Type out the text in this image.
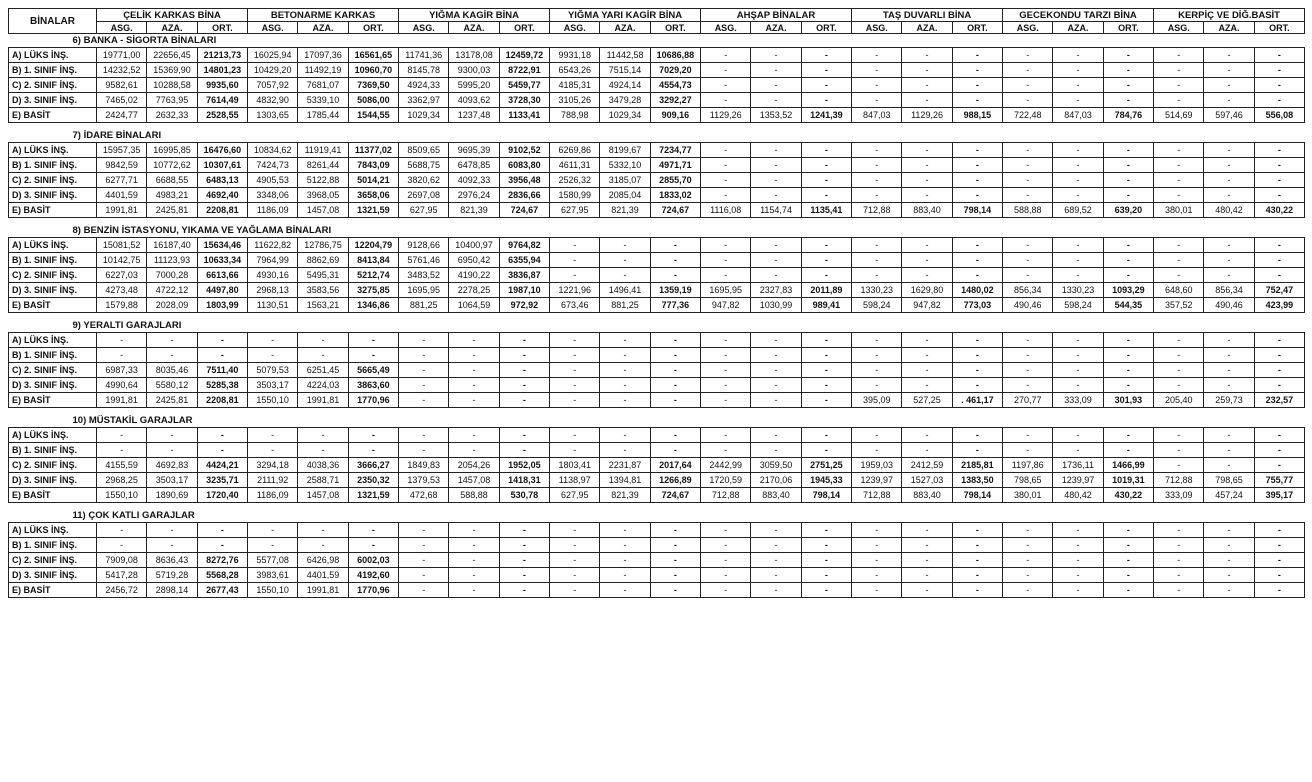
BİNALAR	ÇELİK KARKAS BİNA			BETONARME KARKAS			YIĞMA KAGİR BİNA			YIĞMA YARI KAGİR BİNA			AHŞAP BİNALAR			TAŞ DUVARLI BİNA			GECEKONDU TARZI BİNA			KERPİÇ VE DİĞ.BASİT		
	ASG.	AZA.	ORT.	ASG.	AZA.	ORT.	ASG.	AZA.	ORT.	ASG.	AZA.	ORT.	ASG.	AZA.	ORT.	ASG.	AZA.	ORT.	ASG.	AZA.	ORT.	ASG.	AZA.	ORT.
6) BANKA - SİGORTA BİNALARI																								
A) LÜKS İNŞ.	19771,00	22656,45	21213,73	16025,94	17097,36	16561,65	11741,36	13178,08	12459,72	9931,18	11442,58	10686,88	-	-	-	-	-	-	-	-	-	-	-	-
B) 1. SINIF İNŞ.	14232,52	15369,90	14801,23	10429,20	11492,19	10960,70	8145,78	9300,03	8722,91	6543,26	7515,14	7029,20	-	-	-	-	-	-	-	-	-	-	-	-
C) 2. SINIF İNŞ.	9582,61	10288,58	9935,60	7057,92	7681,07	7369,50	4924,33	5995,20	5459,77	4185,31	4924,14	4554,73	-	-	-	-	-	-	-	-	-	-	-	-
D) 3. SINIF İNŞ.	7465,02	7763,95	7614,49	4832,90	5339,10	5086,00	3362,97	4093,62	3728,30	3105,26	3479,28	3292,27	-	-	-	-	-	-	-	-	-	-	-	-
E) BASİT	2424,77	2632,33	2528,55	1303,65	1785,44	1544,55	1029,34	1237,48	1133,41	788,98	1029,34	909,16	1129,26	1353,52	1241,39	847,03	1129,26	988,15	722,48	847,03	784,76	514,69	597,46	556,08

7) İDARE BİNALARI																								
A) LÜKS İNŞ.	15957,35	16995,85	16476,60	10834,62	11919,41	11377,02	8509,65	9695,39	9102,52	6269,86	8199,67	7234,77	-	-	-	-	-	-	-	-	-	-	-	-
B) 1. SINIF İNŞ.	9842,59	10772,62	10307,61	7424,73	8261,44	7843,09	5688,75	6478,85	6083,80	4611,31	5332,10	4971,71	-	-	-	-	-	-	-	-	-	-	-	-
C) 2. SINIF İNŞ.	6277,71	6688,55	6483,13	4905,53	5122,88	5014,21	3820,62	4092,33	3956,48	2526,32	3185,07	2855,70	-	-	-	-	-	-	-	-	-	-	-	-
D) 3. SINIF İNŞ.	4401,59	4983,21	4692,40	3348,06	3968,05	3658,06	2697,08	2976,24	2836,66	1580,99	2085,04	1833,02	-	-	-	-	-	-	-	-	-	-	-	-
E) BASİT	1991,81	2425,81	2208,81	1186,09	1457,08	1321,59	627,95	821,39	724,67	627,95	821,39	724,67	1116,08	1154,74	1135,41	712,88	883,40	798,14	588,88	689,52	639,20	380,01	480,42	430,22

8) BENZİN İSTASYONU, YIKAMA VE YAĞLAMA BİNALARI																								
A) LÜKS İNŞ.	15081,52	16187,40	15634,46	11622,82	12786,75	12204,79	9128,66	10400,97	9764,82	-	-	-	-	-	-	-	-	-	-	-	-	-	-	-
B) 1. SINIF İNŞ.	10142,75	11123,93	10633,34	7964,99	8862,69	8413,84	5761,46	6950,42	6355,94	-	-	-	-	-	-	-	-	-	-	-	-	-	-	-
C) 2. SINIF İNŞ.	6227,03	7000,28	6613,66	4930,16	5495,31	5212,74	3483,52	4190,22	3836,87	-	-	-	-	-	-	-	-	-	-	-	-	-	-	-
D) 3. SINIF İNŞ.	4273,48	4722,12	4497,80	2968,13	3583,56	3275,85	1695,95	2278,25	1987,10	1221,96	1496,41	1359,19	1695,95	2327,83	2011,89	1330,23	1629,80	1480,02	856,34	1330,23	1093,29	648,60	856,34	752,47
E) BASİT	1579,88	2028,09	1803,99	1130,51	1563,21	1346,86	881,25	1064,59	972,92	673,46	881,25	777,36	947,82	1030,99	989,41	598,24	947,82	773,03	490,46	598,24	544,35	357,52	490,46	423,99

9) YERALTI GARAJLARI																								
A) LÜKS İNŞ.	-	-	-	-	-	-	-	-	-	-	-	-	-	-	-	-	-	-	-	-	-	-	-	-
B) 1. SINIF İNŞ.	-	-	-	-	-	-	-	-	-	-	-	-	-	-	-	-	-	-	-	-	-	-	-	-
C) 2. SINIF İNŞ.	6987,33	8035,46	7511,40	5079,53	6251,45	5665,49	-	-	-	-	-	-	-	-	-	-	-	-	-	-	-	-	-	-
D) 3. SINIF İNŞ.	4990,64	5580,12	5285,38	3503,17	4224,03	3863,60	-	-	-	-	-	-	-	-	-	-	-	-	-	-	-	-	-	-
E) BASİT	1991,81	2425,81	2208,81	1550,10	1991,81	1770,96	-	-	-	-	-	-	-	-	-	395,09	527,25	. 461,17	270,77	333,09	301,93	205,40	259,73	232,57

10) MÜSTAKİL GARAJLAR																								
A) LÜKS İNŞ.	-	-	-	-	-	-	-	-	-	-	-	-	-	-	-	-	-	-	-	-	-	-	-	-
B) 1. SINIF İNŞ.	-	-	-	-	-	-	-	-	-	-	-	-	-	-	-	-	-	-	-	-	-	-	-	-
C) 2. SINIF İNŞ.	4155,59	4692,83	4424,21	3294,18	4038,36	3666,27	1849,83	2054,26	1952,05	1803,41	2231,87	2017,64	2442,99	3059,50	2751,25	1959,03	2412,59	2185,81	1197,86	1736,11	1466,99	-	-	-
D) 3. SINIF İNŞ.	2968,25	3503,17	3235,71	2111,92	2588,71	2350,32	1379,53	1457,08	1418,31	1138,97	1394,81	1266,89	1720,59	2170,06	1945,33	1239,97	1527,03	1383,50	798,65	1239,97	1019,31	712,88	798,65	755,77
E) BASİT	1550,10	1890,69	1720,40	1186,09	1457,08	1321,59	472,68	588,88	530,78	627,95	821,39	724,67	712,88	883,40	798,14	712,88	883,40	798,14	380,01	480,42	430,22	333,09	457,24	395,17

11) ÇOK KATLI GARAJLAR																								
A) LÜKS İNŞ.	-	-	-	-	-	-	-	-	-	-	-	-	-	-	-	-	-	-	-	-	-	-	-	-
B) 1. SINIF İNŞ.	-	-	-	-	-	-	-	-	-	-	-	-	-	-	-	-	-	-	-	-	-	-	-	-
C) 2. SINIF İNŞ.	7909,08	8636,43	8272,76	5577,08	6426,98	6002,03	-	-	-	-	-	-	-	-	-	-	-	-	-	-	-	-	-	-
D) 3. SINIF İNŞ.	5417,28	5719,28	5568,28	3983,61	4401,59	4192,60	-	-	-	-	-	-	-	-	-	-	-	-	-	-	-	-	-	-
E) BASİT	2456,72	2898,14	2677,43	1550,10	1991,81	1770,96	-	-	-	-	-	-	-	-	-	-	-	-	-	-	-	-	-	-
